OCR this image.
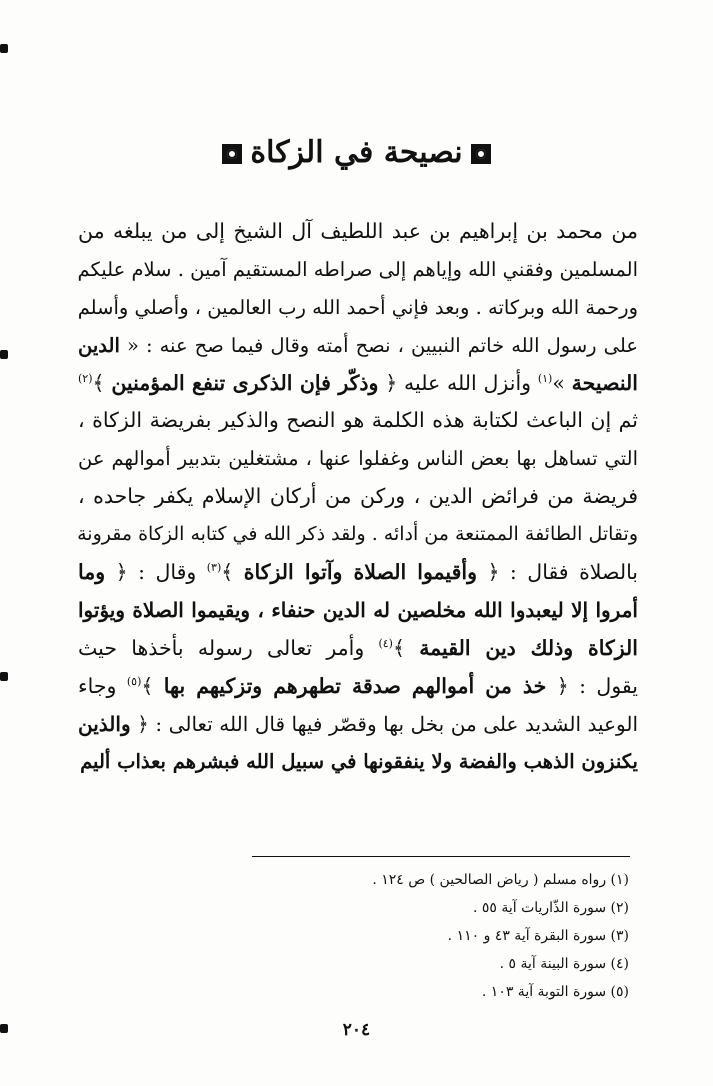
نصيحة في الزكاة
من محمد بن إبراهيم بن عبد اللطيف آل الشيخ إلى من يبلغه من
المسلمين وفقني الله وإياهم إلى صراطه المستقيم آمين . سلام عليكم
ورحمة الله وبركاته . وبعد فإني أحمد الله رب العالمين ، وأصلي وأسلم
على رسول الله خاتم النبيين ، نصح أمته وقال فيما صح عنه : « الدين
النصيحة »$^{(١)}$ وأنزل الله عليه ﴿ وذكّر فإن الذكرى تنفع المؤمنين ﴾$^{(٢)}$
ثم إن الباعث لكتابة هذه الكلمة هو النصح والذكير بفريضة الزكاة ،
التي تساهل بها بعض الناس وغفلوا عنها ، مشتغلين بتدبير أموالهم عن
فريضة من فرائض الدين ، وركن من أركان الإسلام يكفر جاحده ،
وتقاتل الطائفة الممتنعة من أدائه . ولقد ذكر الله في كتابه الزكاة مقرونة
بالصلاة فقال : ﴿ وأقيموا الصلاة وآتوا الزكاة ﴾$^{(٣)}$ وقال : ﴿ وما
أمروا إلا ليعبدوا الله مخلصين له الدين حنفاء ، ويقيموا الصلاة ويؤتوا
الزكاة وذلك دين القيمة ﴾$^{(٤)}$ وأمر تعالى رسوله بأخذها حيث
يقول : ﴿ خذ من أموالهم صدقة تطهرهم وتزكيهم بها ﴾$^{(٥)}$ وجاء
الوعيد الشديد على من بخل بها وقصّر فيها قال الله تعالى : ﴿ والذين
يكنزون الذهب والفضة ولا ينفقونها في سبيل الله فبشرهم بعذاب أليم
(١) رواه مسلم ( رياض الصالحين ) ص ١٢٤ .
(٢) سورة الذّاريات آية ٥٥ .
(٣) سورة البقرة آية ٤٣ و ١١٠ .
(٤) سورة البينة آية ٥ .
(٥) سورة التوبة آية ١٠٣ .
٢٠٤
